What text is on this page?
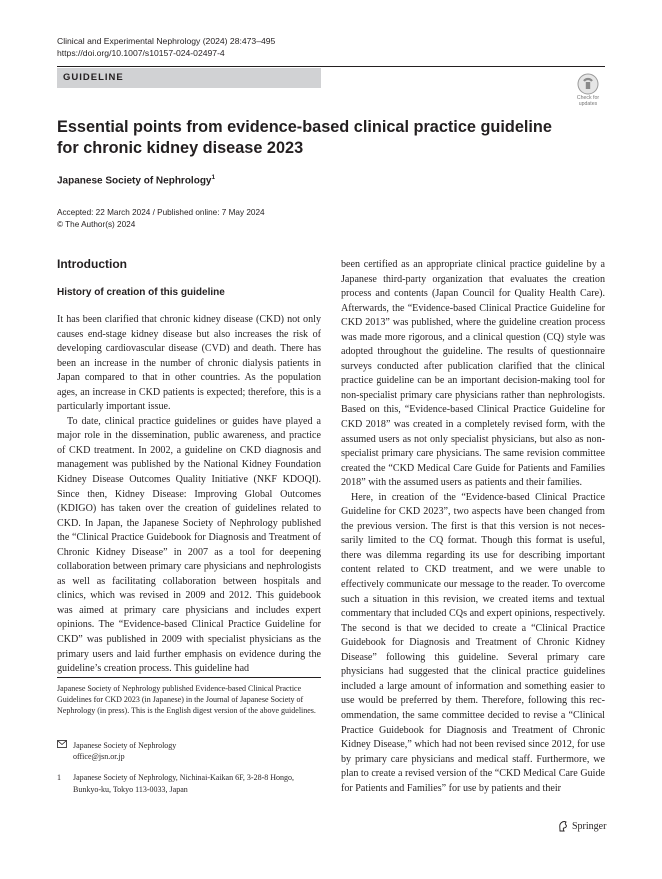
Clinical and Experimental Nephrology (2024) 28:473–495
https://doi.org/10.1007/s10157-024-02497-4
GUIDELINE
Check for
updates
Essential points from evidence-based clinical practice guideline for chronic kidney disease 2023
Japanese Society of Nephrology$^1$
Accepted: 22 March 2024 / Published online: 7 May 2024
© The Author(s) 2024
Introduction
History of creation of this guideline

It has been clarified that chronic kidney disease (CKD) not only causes end-stage kidney disease but also increases the risk of developing cardiovascular disease (CVD) and death. There has been an increase in the number of chronic dialysis patients in Japan compared to that in other countries. As the population ages, an increase in CKD patients is expected; therefore, this is a particularly important issue.

To date, clinical practice guidelines or guides have played a major role in the dissemination, public awareness, and practice of CKD treatment. In 2002, a guideline on CKD diagnosis and management was published by the National Kidney Foundation Kidney Disease Outcomes Quality Initiative (NKF KDOQI). Since then, Kidney Disease: Improving Global Outcomes (KDIGO) has taken over the creation of guidelines related to CKD. In Japan, the Japanese Society of Nephrology published the “Clinical Practice Guidebook for Diagnosis and Treatment of Chronic Kidney Disease” in 2007 as a tool for deepening collaboration between primary care physicians and nephrologists as well as facilitating collaboration between hospitals and clinics, which was revised in 2009 and 2012. This guidebook was aimed at primary care physicians and includes expert opinions. The “Evidence-based Clinical Practice Guideline for CKD” was published in 2009 with specialist physicians as the primary users and laid further emphasis on evidence during the guideline’s creation process. This guideline had

been certified as an appropriate clinical practice guideline by a Japanese third-party organization that evaluates the creation process and contents (Japan Council for Quality Health Care). Afterwards, the “Evidence-based Clinical Practice Guideline for CKD 2013” was published, where the guideline creation process was made more rigorous, and a clinical question (CQ) style was adopted throughout the guideline. The results of questionnaire surveys conducted after publication clarified that the clinical practice guideline can be an important decision-making tool for non-specialist primary care physicians rather than nephrologists. Based on this, “Evidence-based Clinical Practice Guideline for CKD 2018” was created in a completely revised form, with the assumed users as not only specialist physicians, but also as non-specialist primary care physicians. The same revision committee created the “CKD Medical Care Guide for Patients and Families 2018” with the assumed users as patients and their families.

Here, in creation of the “Evidence-based Clinical Practice Guideline for CKD 2023”, two aspects have been changed from the previous version. The first is that this version is not necessarily limited to the CQ format. Though this format is useful, there was dilemma regarding its use for describing important content related to CKD treatment, and we were unable to effectively communicate our message to the reader. To overcome such a situation in this revision, we created items and textual commentary that included CQs and expert opinions, respectively. The second is that we decided to create a “Clinical Practice Guidebook for Diagnosis and Treatment of Chronic Kidney Disease” following this guideline. Several primary care physicians had suggested that the clinical practice guidelines included a large amount of information and something easier to use would be preferred by them. Therefore, following this recommendation, the same committee decided to revise a “Clinical Practice Guidebook for Diagnosis and Treatment of Chronic Kidney Disease,” which had not been revised since 2012, for use by primary care physicians and medical staff. Furthermore, we plan to create a revised version of the “CKD Medical Care Guide for Patients and Families” for use by patients and their

Japanese Society of Nephrology published Evidence-based Clinical Practice Guidelines for CKD 2023 (in Japanese) in the Journal of Japanese Society of Nephrology (in press). This is the English digest version of the above guidelines.
Japanese Society of Nephrology
office@jsn.or.jp
1	Japanese Society of Nephrology, Nichinai-Kaikan 6F, 3-28-8 Hongo, Bunkyo-ku, Tokyo 113-0033, Japan
Springer
